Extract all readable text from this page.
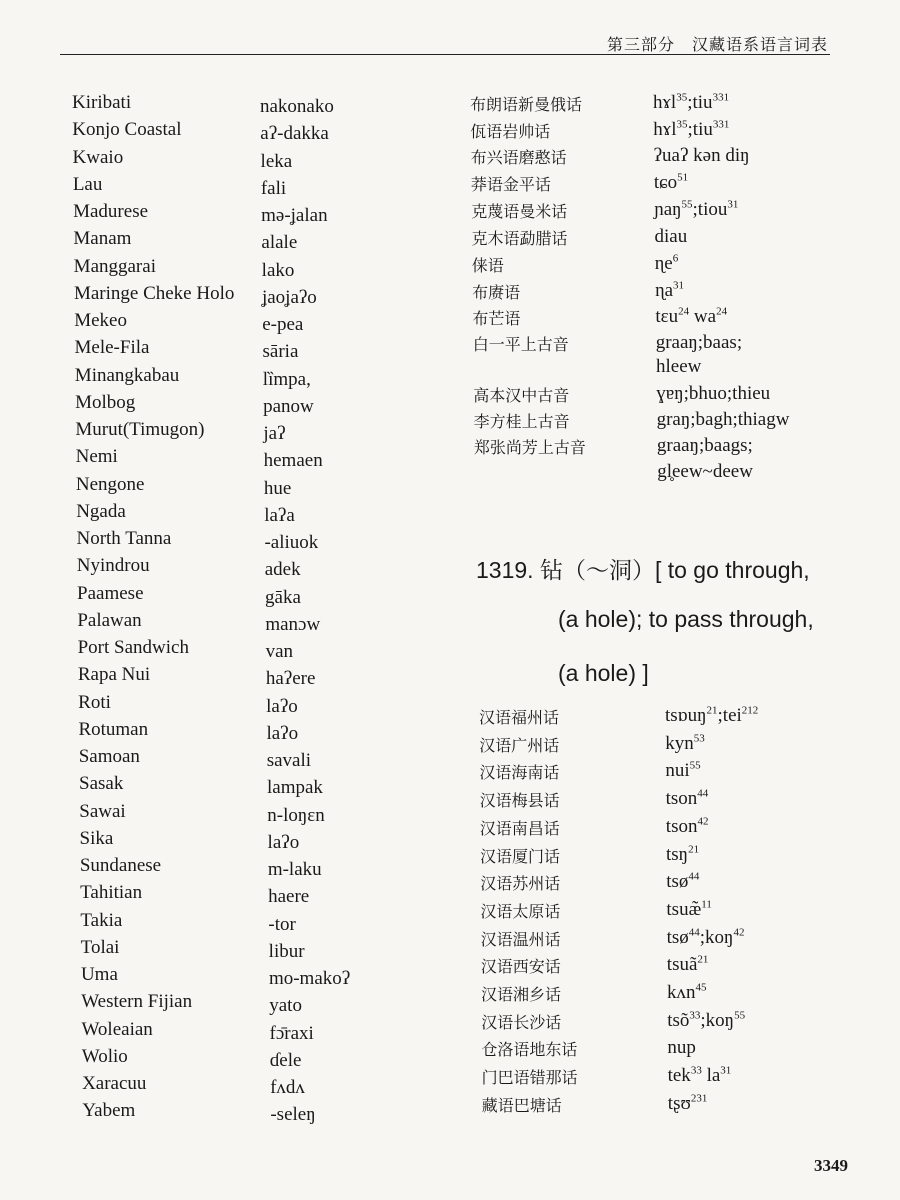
第三部分　汉藏语系语言词表
Kiribati	nakonako
Konjo Coastal	aʔ-dakka
Kwaio	leka
Lau	fali
Madurese	mə-ʝalan
Manam	alale
Manggarai	lako
Maringe Cheke Holo ʝaoʝaʔo
Mekeo	e-pea
Mele-Fila	sāria
Minangkabau	lȉmpa,
Molbog	panow
Murut(Timugon)	jaʔ
Nemi	hemaen
Nengone	hue
Ngada	laʔa
North Tanna	-aliuok
Nyindrou	adek
Paamese	gāka
Palawan	manɔw
Port Sandwich	van
Rapa Nui	haʔere
Roti	laʔo
Rotuman	laʔo
Samoan	savali
Sasak	lampak
Sawai	n-loŋɛn
Sika	laʔo
Sundanese	m-laku
Tahitian	haere
Takia	-tor
Tolai	libur
Uma	mo-makoʔ
Western Fijian	yato
Woleaian	fɔ̄raxi
Wolio	ɗele
Xaracuu	fʌdʌ
Yabem	-seleŋ
布朗语新曼俄话	hɤl$^{35}$;tiu$^{331}$
佤语岩帅话	hɤl$^{35}$;tiu$^{331}$
布兴语磨憨话	ʔuaʔ kən diŋ
莽语金平话	tɕo$^{51}$
克蔑语曼米话	ɲaŋ$^{55}$;tiou$^{31}$
克木语勐腊话	diau
俫语	ɳe$^6$
布赓语	ɳa$^{31}$
布芒语	tɛu$^{24}$ $wa^{24}$
白一平上古音	graaŋ;baas;
hleew
高本汉中古音	ɣɐŋ;bhuo;thieu
李方桂上古音	graŋ;bagh;thiagw
郑张尚芳上古音	graaŋ;baags;
gl̥eew~deew
1319. 钻（～洞）[ to go through,
(a hole); to pass through,
(a hole) ]
汉语福州话	tsɒuŋ$^{21}$;tei$^{212}$
汉语广州话	kyn$^{53}$
汉语海南话	nui$^{55}$
汉语梅县话	tson$^{44}$
汉语南昌话	tson$^{42}$
汉语厦门话	tsŋ$^{21}$
汉语苏州话	tsø$^{44}$
汉语太原话	tsuæ̃$^{11}$
汉语温州话	tsø$^{44}$;koŋ$^{42}$
汉语西安话	tsuã$^{21}$
汉语湘乡话	kʌn$^{45}$
汉语长沙话	tsõ$^{33}$;koŋ$^{55}$
仓洛语地东话	nup
门巴语错那话	tek$^{33}$ $la^{31}$
藏语巴塘话	tʂʊ$^{231}$
3349
